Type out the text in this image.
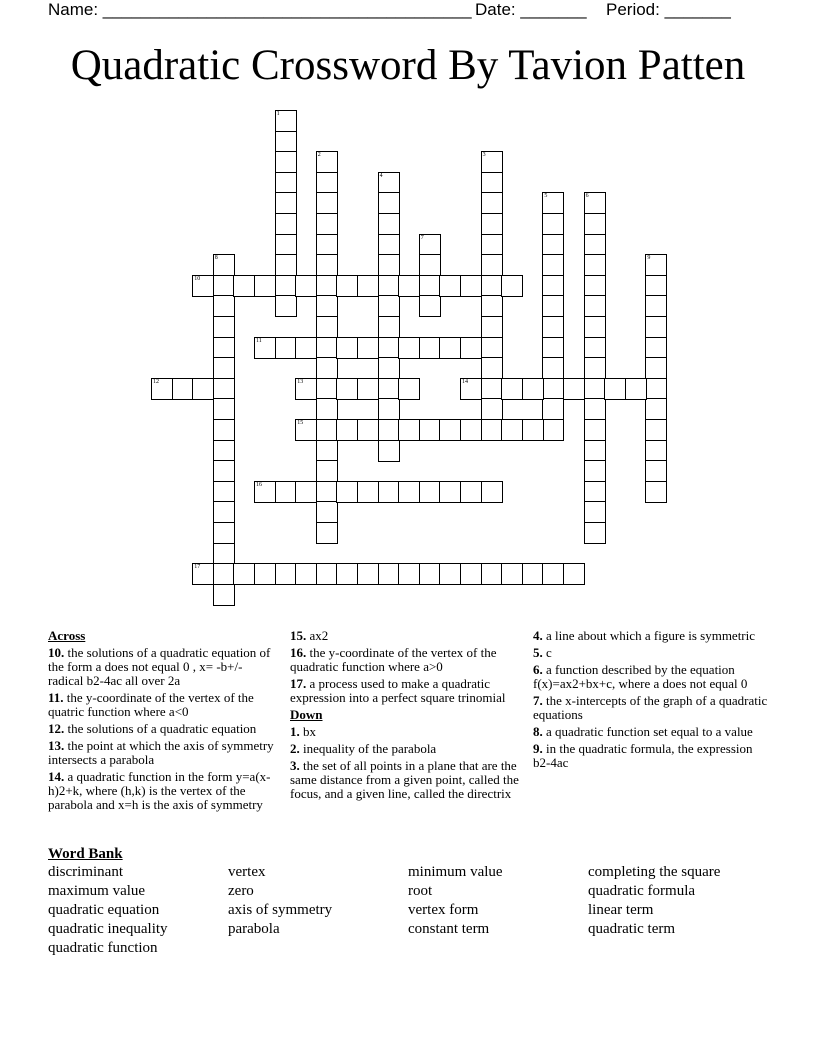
Name: _______________________________________ Date: _______ Period: _______
Quadratic Crossword By Tavion Patten
1
2	3
4
5	6
7
8	9
10
11
12	13	14
15
16
17
Across
10. the solutions of a quadratic equation of the form a does not equal 0 , x= -b+/- radical b2-4ac all over 2a
11. the y-coordinate of the vertex of the quatric function where a<0
12. the solutions of a quadratic equation
13. the point at which the axis of symmetry intersects a parabola
14. a quadratic function in the form y=a(x-h)2+k, where (h,k) is the vertex of the parabola and x=h is the axis of symmetry
15. ax2
16. the y-coordinate of the vertex of the quadratic function where a>0
17. a process used to make a quadratic expression into a perfect square trinomial
Down
1. bx
2. inequality of the parabola
3. the set of all points in a plane that are the same distance from a given point, called the focus, and a given line, called the directrix
4. a line about which a figure is symmetric
5. c
6. a function described by the equation f(x)=ax2+bx+c, where a does not equal 0
7. the x-intercepts of the graph of a quadratic equations
8. a quadratic function set equal to a value
9. in the quadratic formula, the expression b2-4ac
Word Bank
discriminant
maximum value
quadratic equation
quadratic inequality
quadratic function
vertex
zero
axis of symmetry
parabola
minimum value
root
vertex form
constant term
completing the square
quadratic formula
linear term
quadratic term
